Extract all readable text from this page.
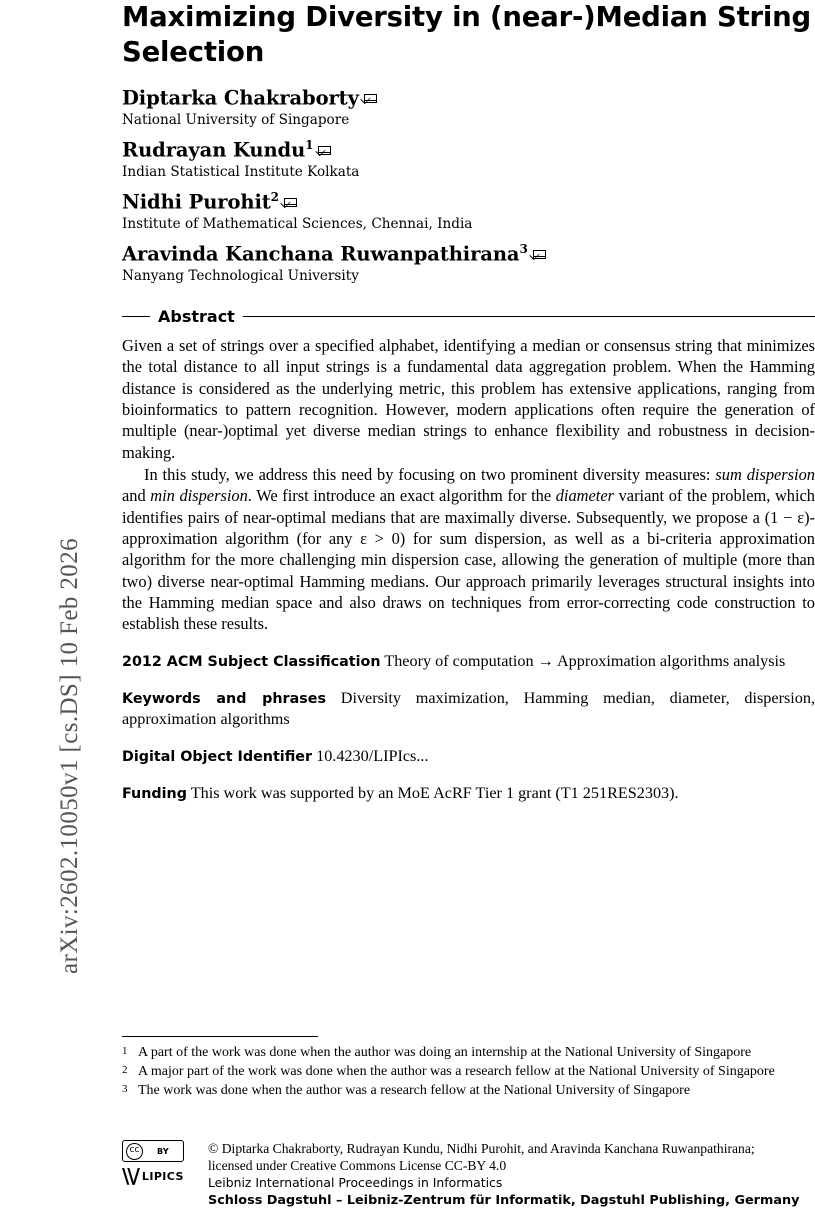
arXiv:2602.10050v1 [cs.DS] 10 Feb 2026
Maximizing Diversity in (near-)Median String Selection
Diptarka Chakraborty
National University of Singapore
Rudrayan Kundu$^1$
Indian Statistical Institute Kolkata
Nidhi Purohit$^2$
Institute of Mathematical Sciences, Chennai, India
Aravinda Kanchana Ruwanpathirana$^3$
Nanyang Technological University
Abstract

Given a set of strings over a specified alphabet, identifying a median or consensus string that minimizes the total distance to all input strings is a fundamental data aggregation problem. When the Hamming distance is considered as the underlying metric, this problem has extensive applications, ranging from bioinformatics to pattern recognition. However, modern applications often require the generation of multiple (near-)optimal yet diverse median strings to enhance flexibility and robustness in decision-making.

In this study, we address this need by focusing on two prominent diversity measures: sum dispersion and min dispersion. We first introduce an exact algorithm for the diameter variant of the problem, which identifies pairs of near-optimal medians that are maximally diverse. Subsequently, we propose a (1 − ε)-approximation algorithm (for any ε > 0) for sum dispersion, as well as a bi-criteria approximation algorithm for the more challenging min dispersion case, allowing the generation of multiple (more than two) diverse near-optimal Hamming medians. Our approach primarily leverages structural insights into the Hamming median space and also draws on techniques from error-correcting code construction to establish these results.

2012 ACM Subject Classification Theory of computation → Approximation algorithms analysis
Keywords and phrases Diversity maximization, Hamming median, diameter, dispersion, approximation algorithms
Digital Object Identifier 10.4230/LIPIcs...
Funding This work was supported by an MoE AcRF Tier 1 grant (T1 251RES2303).
1 A part of the work was done when the author was doing an internship at the National University of Singapore
2 A major part of the work was done when the author was a research fellow at the National University of Singapore
3 The work was done when the author was a research fellow at the National University of Singapore
cc	BY
\\/ LIPICS
© Diptarka Chakraborty, Rudrayan Kundu, Nidhi Purohit, and Aravinda Kanchana Ruwanpathirana;
licensed under Creative Commons License CC-BY 4.0
Leibniz International Proceedings in Informatics
Schloss Dagstuhl – Leibniz-Zentrum für Informatik, Dagstuhl Publishing, Germany
